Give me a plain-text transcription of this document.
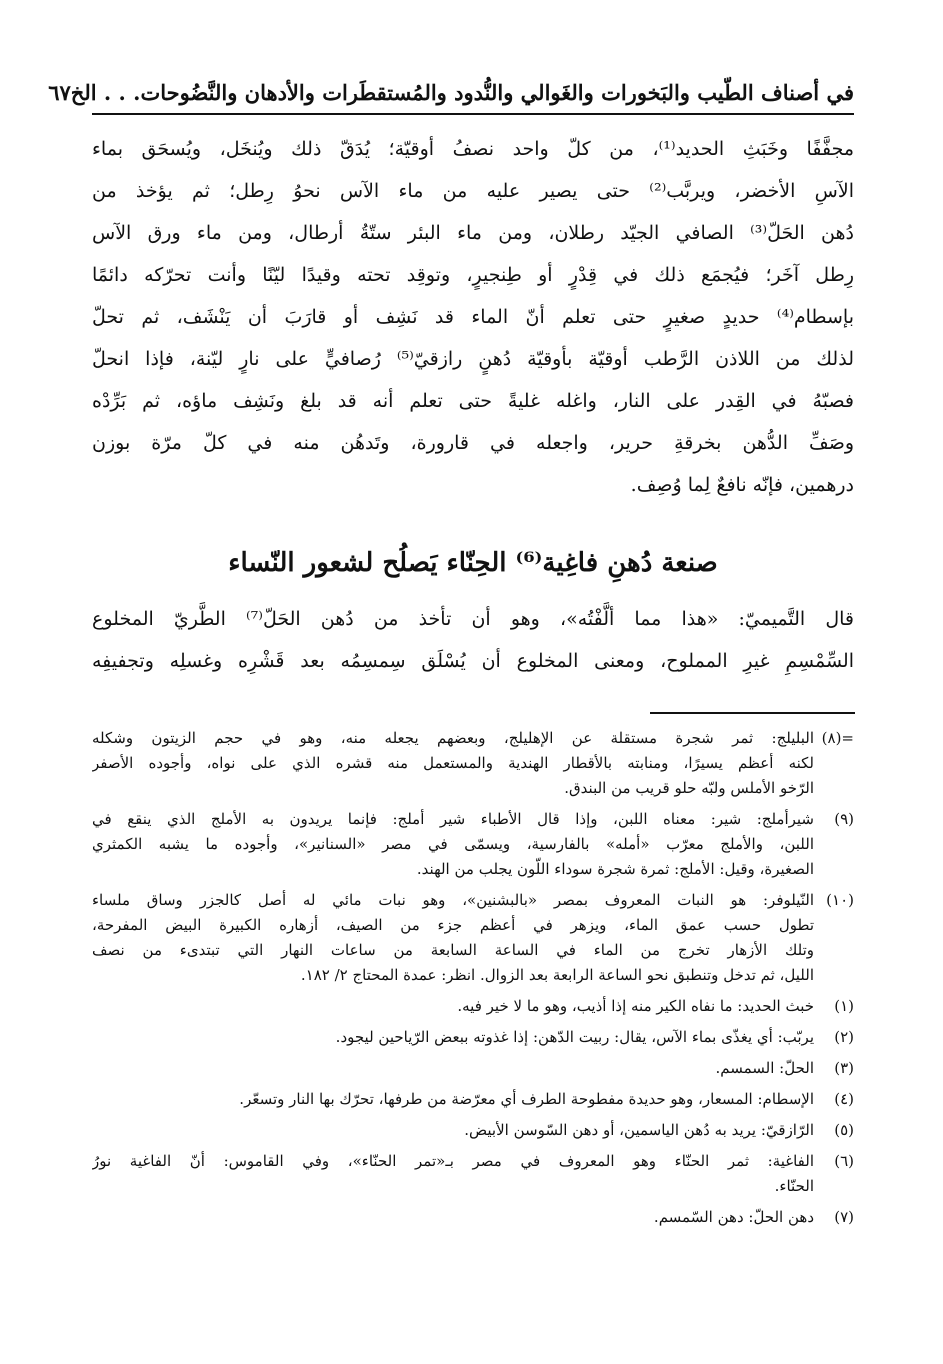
في أصناف الطّيب والبَخورات والغَوالي والنُّدود والمُستقطَرات والأدهان والنَّضُوحات. . . الخ
٦٧
مجفَّفًا وخَبَثِ الحديد⁽¹⁾، من كلّ واحد نصفُ أوقيّة؛ يُدَقّ ذلك ويُنخَل، ويُسحَق بماء
الآسِ الأخضر، ويربَّب⁽²⁾ حتى يصير عليه من ماء الآس نحوُ رِطل؛ ثم يؤخذ من
دُهن الحَلّ⁽³⁾ الصافي الجيّد رطلان، ومن ماء البئر ستّةُ أرطال، ومن ماء ورق الآس
رِطل آخَر؛ فيُجمَع ذلك في قِدْرٍ أو طِنجيرٍ، وتوقِد تحته وقيدًا ليّنًا وأنت تحرّكه دائمًا
بإسطام⁽⁴⁾ حديدٍ صغيرٍ حتى تعلم أنّ الماء قد نَشِف أو قارَبَ أن يَنْشَف، ثم تحلّ
لذلك من اللاذن الرَّطب أوقيّة بأوقيّة دُهنٍ رازقيّ⁽⁵⁾ رُصافيٍّ على نارٍ ليّنة، فإذا انحلّ
فصبّهُ في القِدر على النار، واغله غليةً حتى تعلم أنه قد بلغ ونَشِف ماؤه، ثم بَرِّدْه
وصَفِّ الدُّهن بخرقةِ حرير، واجعله في قارورة، وتَدهُن منه في كلّ مرّة بوزن
درهمين، فإنّه نافعٌ لِما وُصِف.
صنعة دُهنِ فاغِية⁽⁶⁾ الحِنّاء يَصلُح لشعور النّساء
قال التَّميميّ: «هذا مما ألَّفْتُه»، وهو أن تأخذ من دُهن الحَلّ⁽⁷⁾ الطَّريّ المخلوع
السِّمْسِمِ غيرِ المملوح، ومعنى المخلوع أن يُسْلَق سِمسِمُه بعد قَشْرِه وغسلِه وتجفيفِه
=(٨)
البليلج: ثمر شجرة مستقلة عن الإهليلج، وبعضهم يجعله منه، وهو في حجم الزيتون وشكله
لكنه أعظم يسيرًا، ومنابته بالأقطار الهندية والمستعمل منه قشره الذي على نواه، وأجوده الأصفر
الرّخو الأملس ولبّه حلو قريب من البندق.
(٩)
شيرأملج: شير: معناه اللبن، وإذا قال الأطباء شير أملج: فإنما يريدون به الأملج الذي ينقع في
اللبن، والأملج معرّب «أمله» بالفارسية، ويسمّى في مصر «السنانير»، وأجوده ما يشبه الكمثري
الصغيرة، وقيل: الأملج: ثمرة شجرة سوداء اللّون يجلب من الهند.
(١٠)
النّيلوفر: هو النبات المعروف بمصر «بالبشنين»، وهو نبات مائي له أصل كالجزر وساق ملساء
تطول حسب عمق الماء، ويزهر في أعظم جزء من الصيف، أزهاره الكبيرة البيض المفرحة،
وتلك الأزهار تخرج من الماء في الساعة السابعة من ساعات النهار التي تبتدىء من نصف
الليل، ثم تدخل وتنطبق نحو الساعة الرابعة بعد الزوال. انظر: عمدة المحتاج ٢/ ١٨٢.
(١)
خبث الحديد: ما نفاه الكير منه إذا أذيب، وهو ما لا خير فيه.
(٢)
يربّب: أي يغذّى بماء الآس، يقال: ربيت الدّهن: إذا غذوته ببعض الرّياحين ليجود.
(٣)
الحلّ: السمسم.
(٤)
الإسطام: المسعار، وهو حديدة مفطوحة الطرف أي معرّضة من طرفها، تحرّك بها النار وتسعّر.
(٥)
الرّازقيّ: يريد به دُهن الياسمين، أو دهن السّوسن الأبيض.
(٦)
الفاغية: ثمر الحنّاء وهو المعروف في مصر بـ«تمر الحنّاء»، وفي القاموس: أنّ الفاغية نورُ
الحنّاء.
(٧)
دهن الحلّ: دهن السّمسم.
